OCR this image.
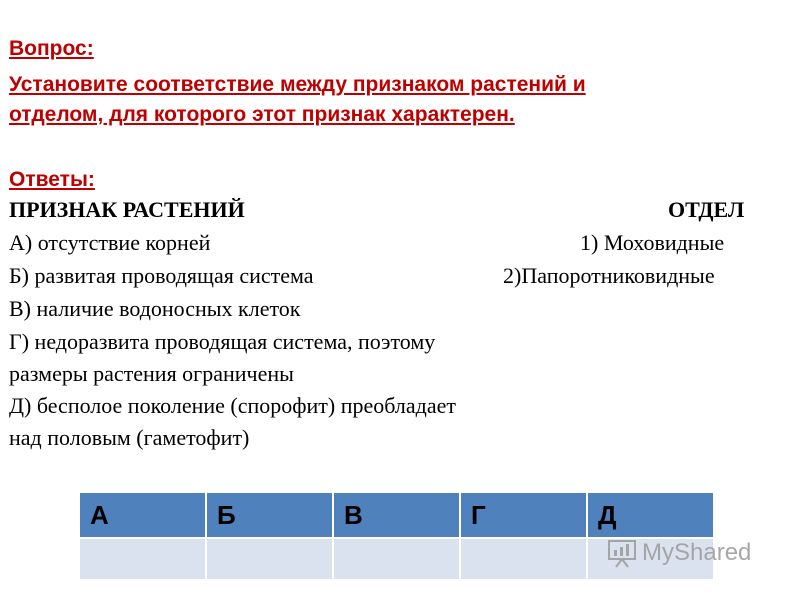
Вопрос:

Установите соответствие между признаком растений и
отделом, для которого этот признак характерен.

Ответы:

ПРИЗНАК РАСТЕНИЙ	ОТДЕЛ
А) отсутствие корней	1) Моховидные
Б) развитая проводящая система	2)Папоротниковидные
В) наличие водоносных клеток
Г) недоразвита проводящая система, поэтому
размеры растения ограничены
Д) бесполое поколение (спорофит) преобладает
над половым (гаметофит)
А	Б	В	Г	Д

MyShared
